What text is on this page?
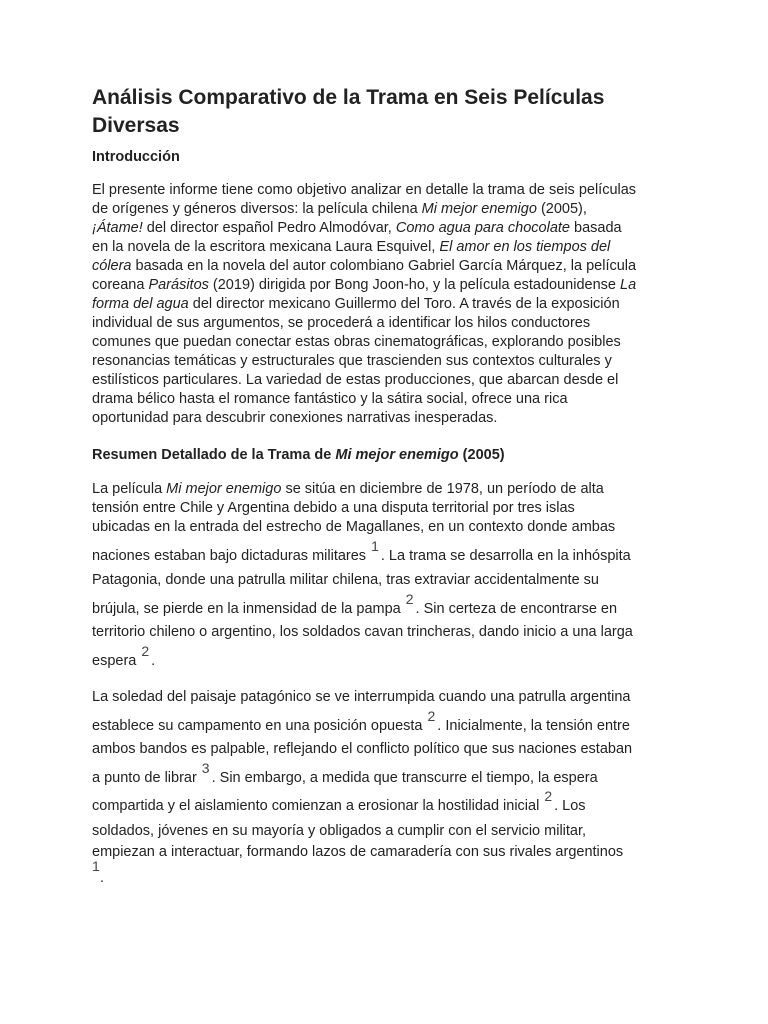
Análisis Comparativo de la Trama en Seis Películas Diversas
Introducción
El presente informe tiene como objetivo analizar en detalle la trama de seis películas
de orígenes y géneros diversos: la película chilena Mi mejor enemigo (2005),
¡Átame! del director español Pedro Almodóvar, Como agua para chocolate basada
en la novela de la escritora mexicana Laura Esquivel, El amor en los tiempos del
cólera basada en la novela del autor colombiano Gabriel García Márquez, la película
coreana Parásitos (2019) dirigida por Bong Joon-ho, y la película estadounidense La
forma del agua del director mexicano Guillermo del Toro. A través de la exposición
individual de sus argumentos, se procederá a identificar los hilos conductores
comunes que puedan conectar estas obras cinematográficas, explorando posibles
resonancias temáticas y estructurales que trascienden sus contextos culturales y
estilísticos particulares. La variedad de estas producciones, que abarcan desde el
drama bélico hasta el romance fantástico y la sátira social, ofrece una rica
oportunidad para descubrir conexiones narrativas inesperadas.
Resumen Detallado de la Trama de Mi mejor enemigo (2005)
La película Mi mejor enemigo se sitúa en diciembre de 1978, un período de alta
tensión entre Chile y Argentina debido a una disputa territorial por tres islas
ubicadas en la entrada del estrecho de Magallanes, en un contexto donde ambas
naciones estaban bajo dictaduras militares1. La trama se desarrolla en la inhóspita
Patagonia, donde una patrulla militar chilena, tras extraviar accidentalmente su
brújula, se pierde en la inmensidad de la pampa2. Sin certeza de encontrarse en
territorio chileno o argentino, los soldados cavan trincheras, dando inicio a una larga
espera2.
La soledad del paisaje patagónico se ve interrumpida cuando una patrulla argentina
establece su campamento en una posición opuesta2. Inicialmente, la tensión entre
ambos bandos es palpable, reflejando el conflicto político que sus naciones estaban
a punto de librar3. Sin embargo, a medida que transcurre el tiempo, la espera
compartida y el aislamiento comienzan a erosionar la hostilidad inicial2. Los
soldados, jóvenes en su mayoría y obligados a cumplir con el servicio militar,
empiezan a interactuar, formando lazos de camaradería con sus rivales argentinos
1
.
